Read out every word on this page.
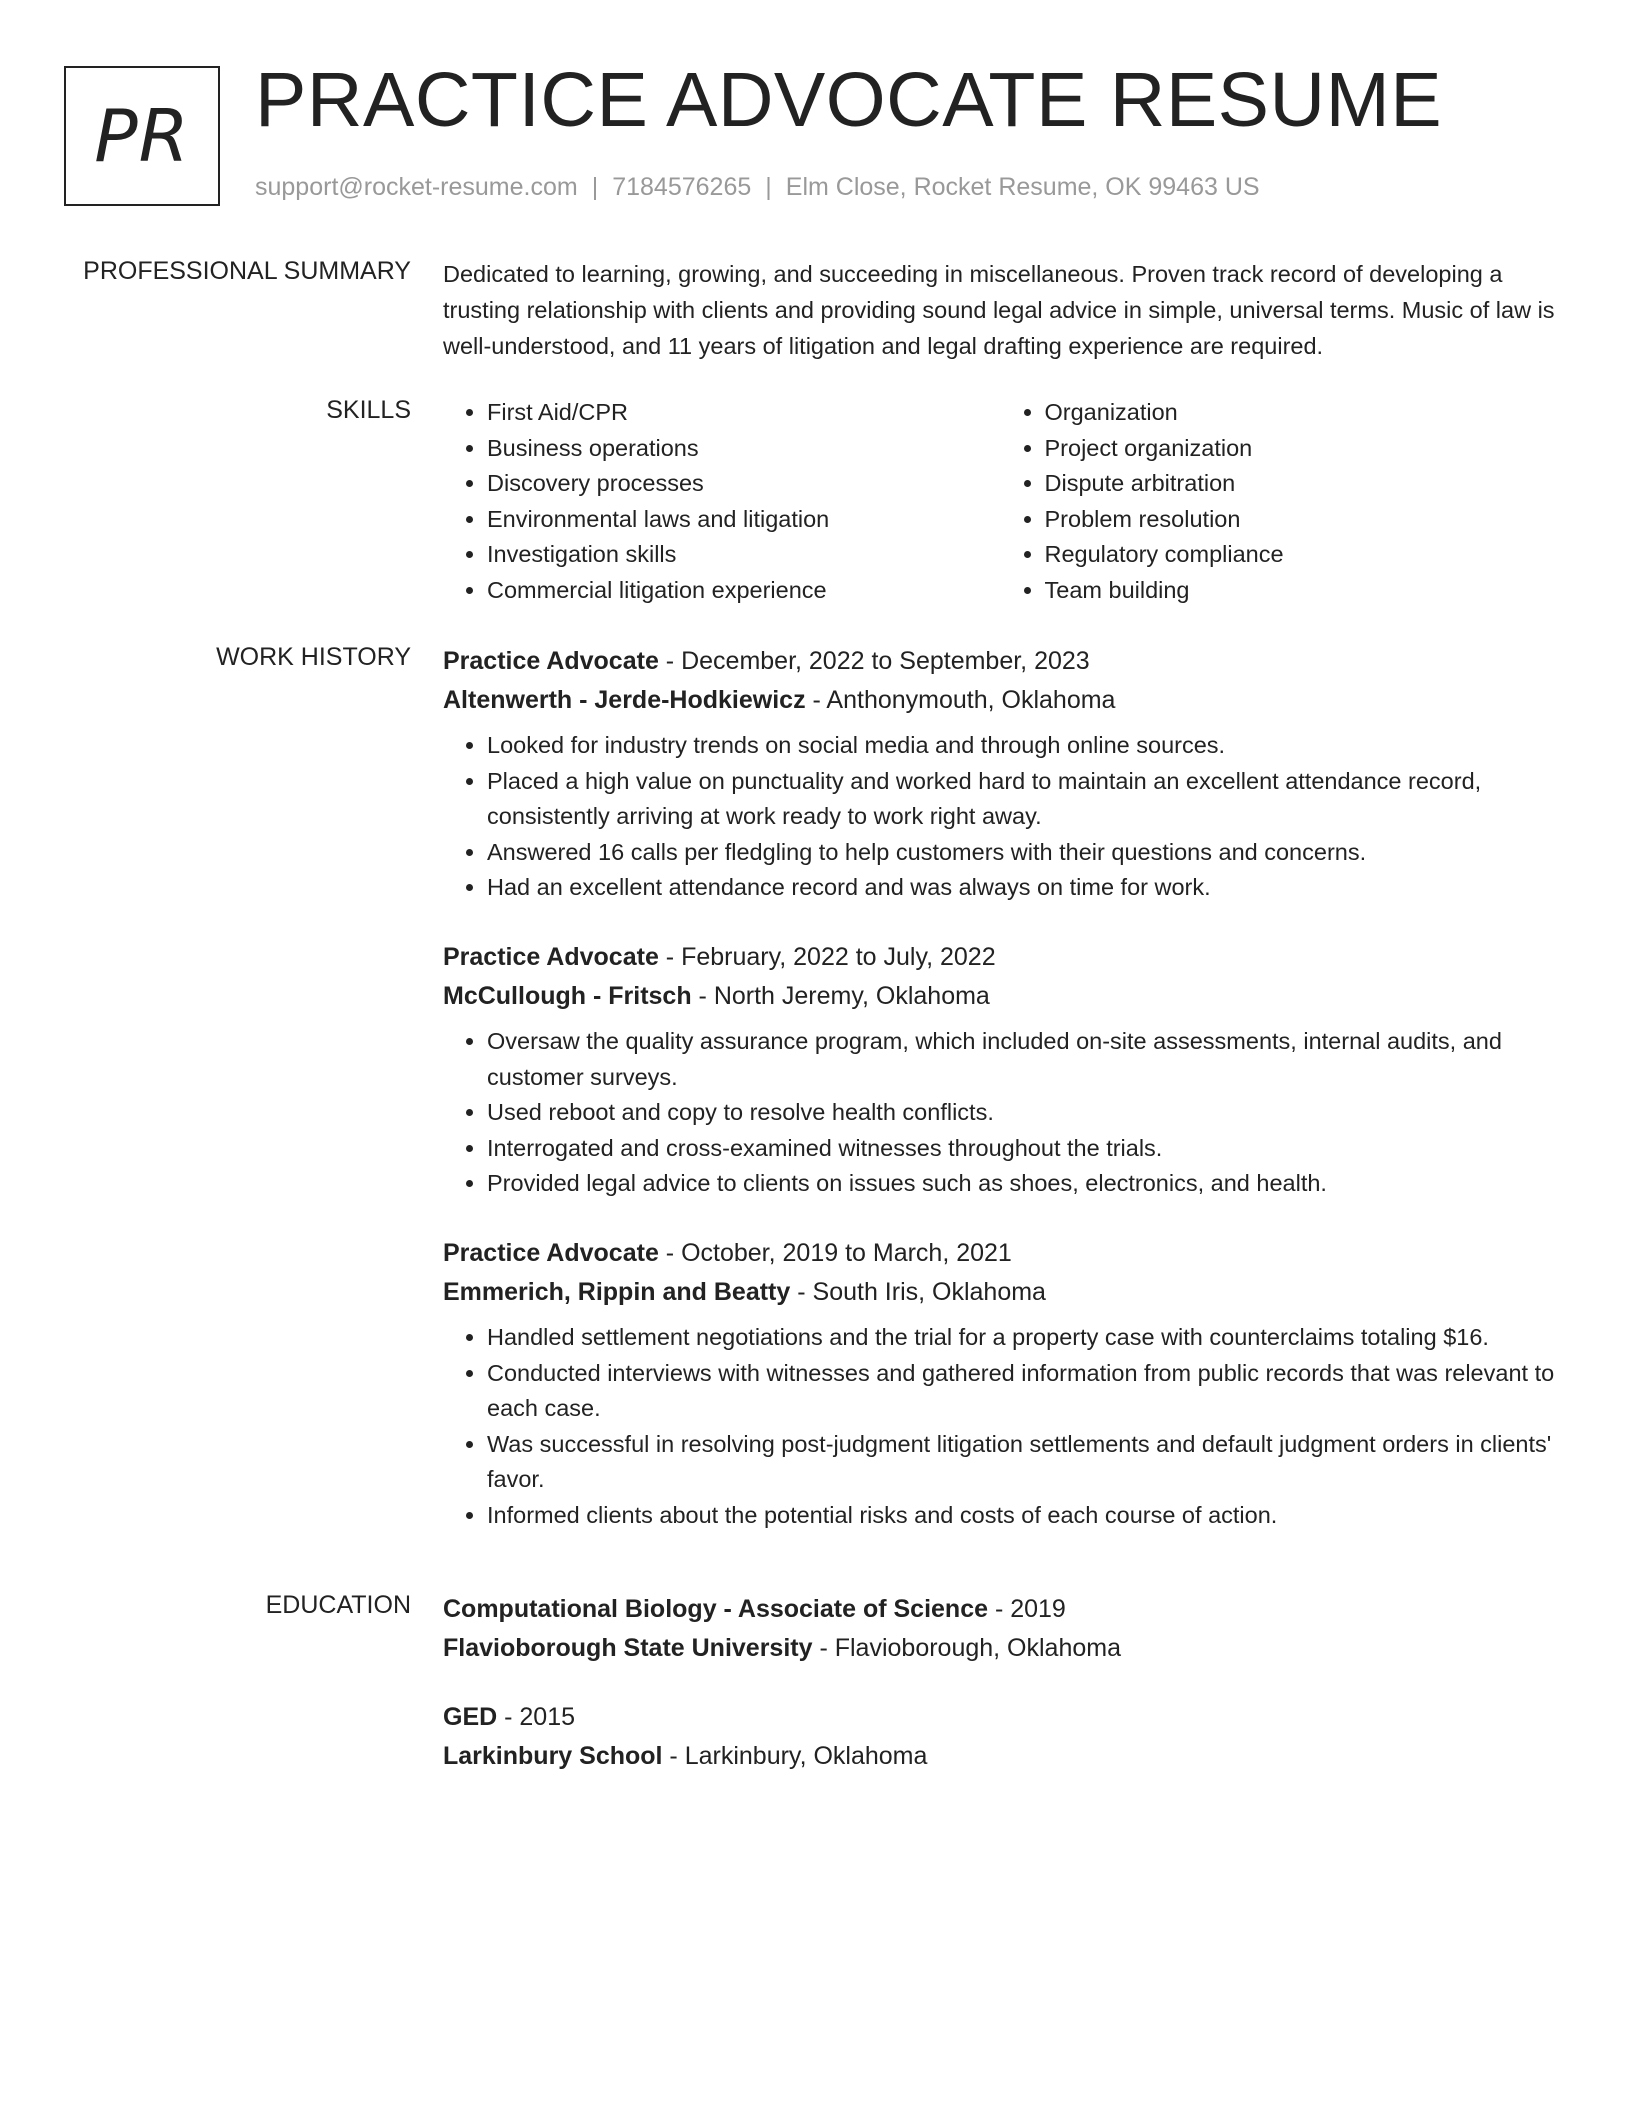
PR PRACTICE ADVOCATE RESUME
support@rocket-resume.com | 7184576265 | Elm Close, Rocket Resume, OK 99463 US
PROFESSIONAL SUMMARY Dedicated to learning, growing, and succeeding in miscellaneous. Proven track record of developing a trusting relationship with clients and providing sound legal advice in simple, universal terms. Music of law is well-understood, and 11 years of litigation and legal drafting experience are required.

SKILLS
•	First Aid/CPR
• Business operations
• Discovery processes
• Environmental laws and litigation
• Investigation skills
• Commercial litigation experience
• Organization
• Project organization
• Dispute arbitration
• Problem resolution
• Regulatory compliance
• Team building
WORK HISTORY Practice Advocate - December, 2022 to September, 2023
Altenwerth - Jerde-Hodkiewicz - Anthonymouth, Oklahoma
• Looked for industry trends on social media and through online sources.
• Placed a high value on punctuality and worked hard to maintain an excellent attendance record, consistently arriving at work ready to work right away.
• Answered 16 calls per fledgling to help customers with their questions and concerns.
• Had an excellent attendance record and was always on time for work.
Practice Advocate - February, 2022 to July, 2022
McCullough - Fritsch - North Jeremy, Oklahoma
• Oversaw the quality assurance program, which included on-site assessments, internal audits, and customer surveys.
• Used reboot and copy to resolve health conflicts.
• Interrogated and cross-examined witnesses throughout the trials.
• Provided legal advice to clients on issues such as shoes, electronics, and health.
Practice Advocate - October, 2019 to March, 2021
Emmerich, Rippin and Beatty - South Iris, Oklahoma
• Handled settlement negotiations and the trial for a property case with counterclaims totaling $16.
• Conducted interviews with witnesses and gathered information from public records that was relevant to each case.
• Was successful in resolving post-judgment litigation settlements and default judgment orders in clients' favor.
• Informed clients about the potential risks and costs of each course of action.
EDUCATION Computational Biology - Associate of Science - 2019
Flavioborough State University - Flavioborough, Oklahoma
GED - 2015
Larkinbury School - Larkinbury, Oklahoma
